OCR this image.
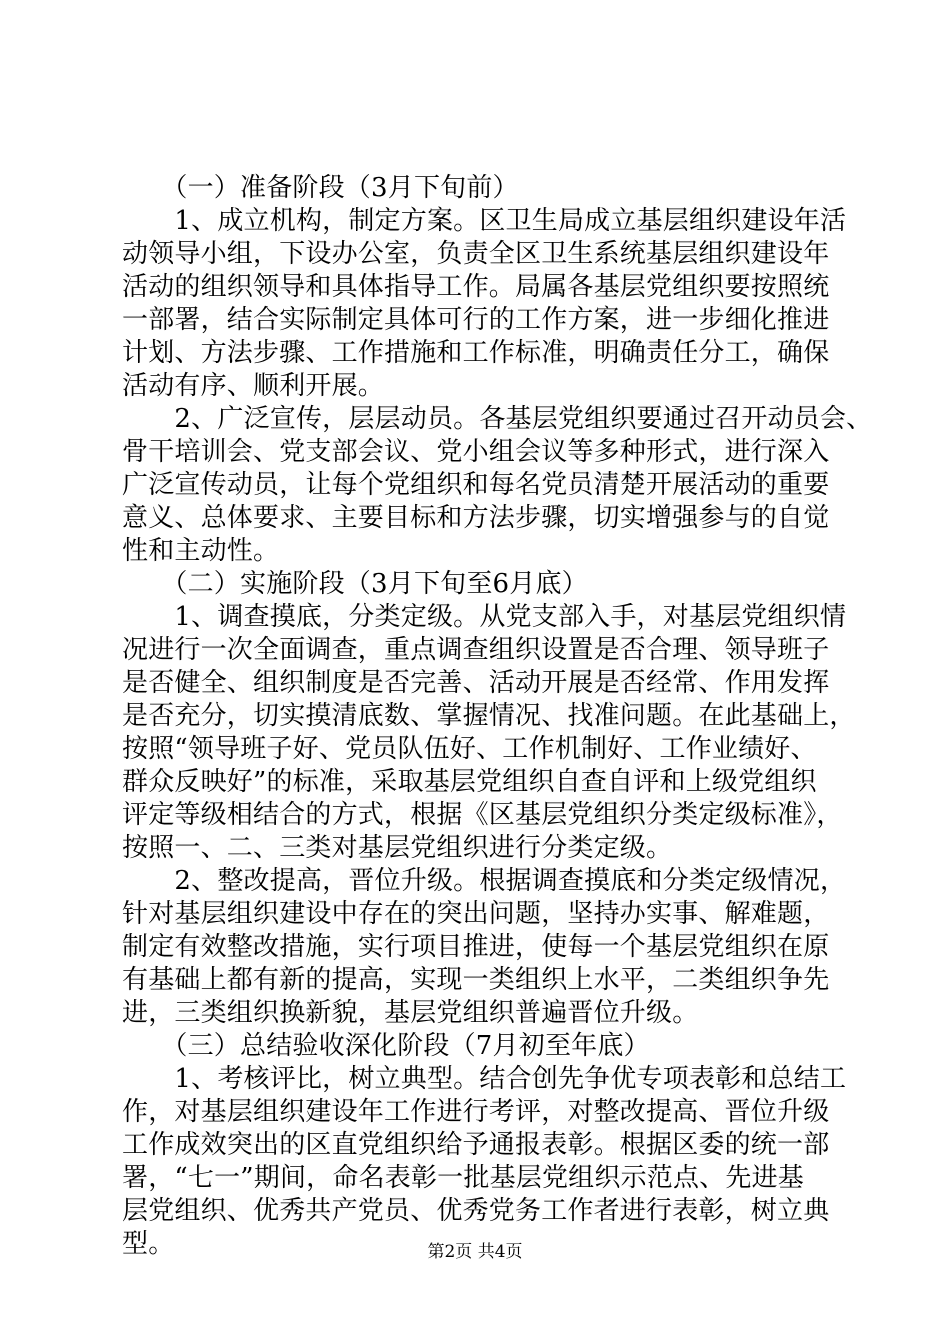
　　（一）准备阶段（3月下旬前）
　　1、成立机构，制定方案。区卫生局成立基层组织建设年活
动领导小组，下设办公室，负责全区卫生系统基层组织建设年
活动的组织领导和具体指导工作。局属各基层党组织要按照统
一部署，结合实际制定具体可行的工作方案，进一步细化推进
计划、方法步骤、工作措施和工作标准，明确责任分工，确保
活动有序、顺利开展。
　　2、广泛宣传，层层动员。各基层党组织要通过召开动员会、
骨干培训会、党支部会议、党小组会议等多种形式，进行深入
广泛宣传动员，让每个党组织和每名党员清楚开展活动的重要
意义、总体要求、主要目标和方法步骤，切实增强参与的自觉
性和主动性。
　　（二）实施阶段（3月下旬至6月底）
　　1、调查摸底，分类定级。从党支部入手，对基层党组织情
况进行一次全面调查，重点调查组织设置是否合理、领导班子
是否健全、组织制度是否完善、活动开展是否经常、作用发挥
是否充分，切实摸清底数、掌握情况、找准问题。在此基础上，
按照“领导班子好、党员队伍好、工作机制好、工作业绩好、
群众反映好”的标准，采取基层党组织自查自评和上级党组织
评定等级相结合的方式，根据《区基层党组织分类定级标准》，
按照一、二、三类对基层党组织进行分类定级。
　　2、整改提高，晋位升级。根据调查摸底和分类定级情况，
针对基层组织建设中存在的突出问题，坚持办实事、解难题，
制定有效整改措施，实行项目推进，使每一个基层党组织在原
有基础上都有新的提高，实现一类组织上水平，二类组织争先
进，三类组织换新貌，基层党组织普遍晋位升级。
　　（三）总结验收深化阶段（7月初至年底）
　　1、考核评比，树立典型。结合创先争优专项表彰和总结工
作，对基层组织建设年工作进行考评，对整改提高、晋位升级
工作成效突出的区直党组织给予通报表彰。根据区委的统一部
署，“七一”期间，命名表彰一批基层党组织示范点、先进基
层党组织、优秀共产党员、优秀党务工作者进行表彰，树立典
型。	第2页 共4页
